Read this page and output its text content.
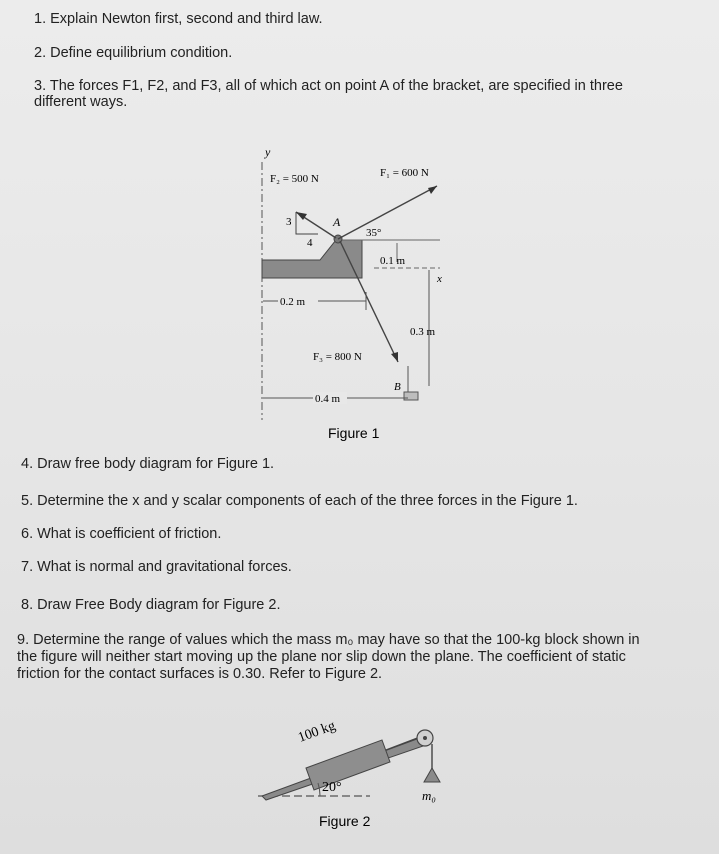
1. Explain Newton first, second and third law.
2. Define equilibrium condition.
3. The forces F1, F2, and F3, all of which act on point A of the bracket, are specified in three
different ways.
y
3
4
A
35°
0.1 m
x
0.2 m
0.3 m
B
F₃ = 800 N
F₂ = 500 N	F₁ = 600 N
0.4 m
Figure 1
4. Draw free body diagram for Figure 1.
5. Determine the x and y scalar components of each of the three forces in the Figure 1.
6. What is coefficient of friction.
7. What is normal and gravitational forces.
8. Draw Free Body diagram for Figure 2.
9. Determine the range of values which the mass m₀ may have so that the 100-kg block shown in
the figure will neither start moving up the plane nor slip down the plane. The coefficient of static
friction for the contact surfaces is 0.30. Refer to Figure 2.
100 kg
m₀
20°
Figure 2
